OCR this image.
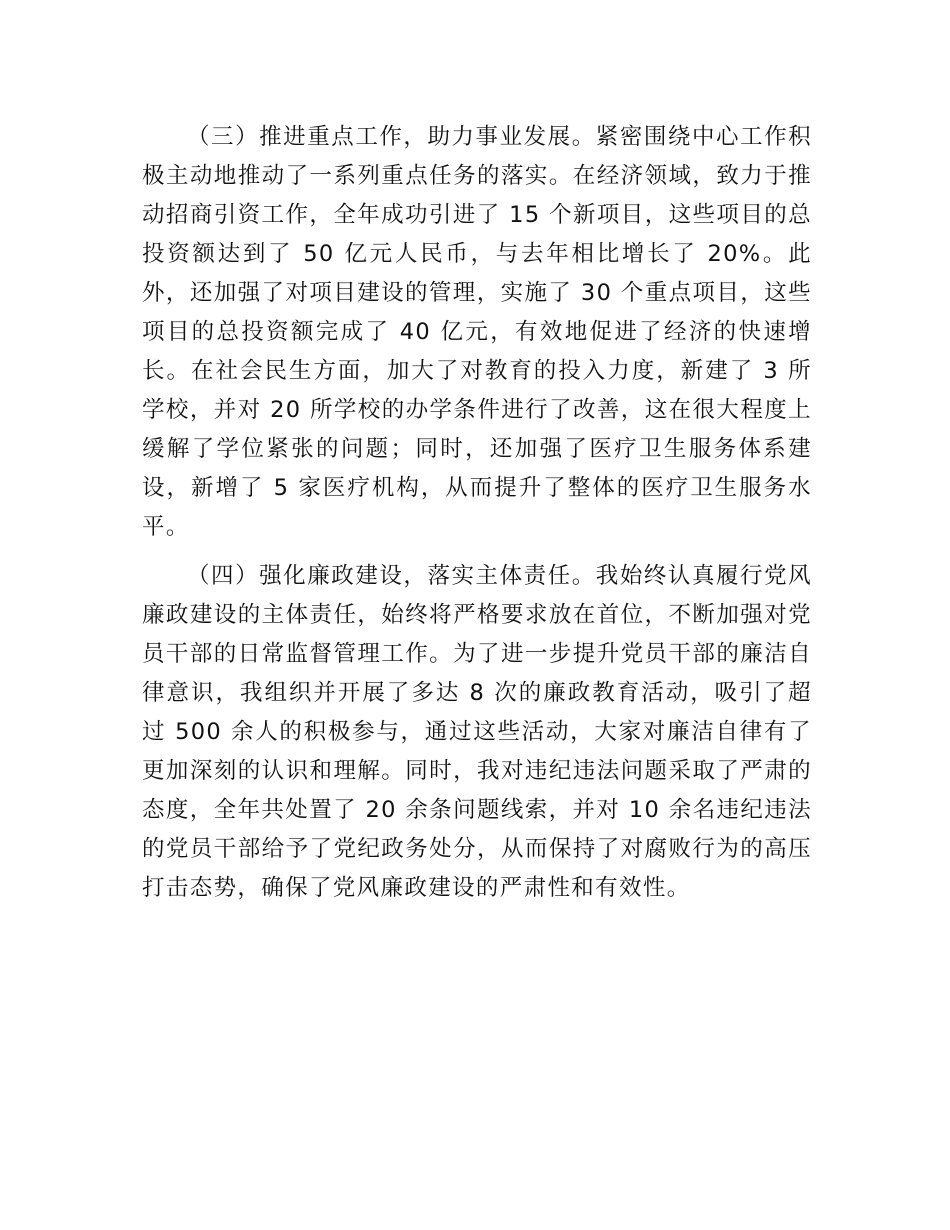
（三）推进重点工作，助力事业发展。紧密围绕中心工作积极主动地推动了一系列重点任务的落实。在经济领域，致力于推动招商引资工作，全年成功引进了 15 个新项目，这些项目的总投资额达到了 50 亿元人民币，与去年相比增长了 20%。此外，还加强了对项目建设的管理，实施了 30 个重点项目，这些项目的总投资额完成了 40 亿元，有效地促进了经济的快速增长。在社会民生方面，加大了对教育的投入力度，新建了 3 所学校，并对 20 所学校的办学条件进行了改善，这在很大程度上缓解了学位紧张的问题；同时，还加强了医疗卫生服务体系建设，新增了 5 家医疗机构，从而提升了整体的医疗卫生服务水平。

（四）强化廉政建设，落实主体责任。我始终认真履行党风廉政建设的主体责任，始终将严格要求放在首位，不断加强对党员干部的日常监督管理工作。为了进一步提升党员干部的廉洁自律意识，我组织并开展了多达 8 次的廉政教育活动，吸引了超过 500 余人的积极参与，通过这些活动，大家对廉洁自律有了更加深刻的认识和理解。同时，我对违纪违法问题采取了严肃的态度，全年共处置了 20 余条问题线索，并对 10 余名违纪违法的党员干部给予了党纪政务处分，从而保持了对腐败行为的高压打击态势，确保了党风廉政建设的严肃性和有效性。
